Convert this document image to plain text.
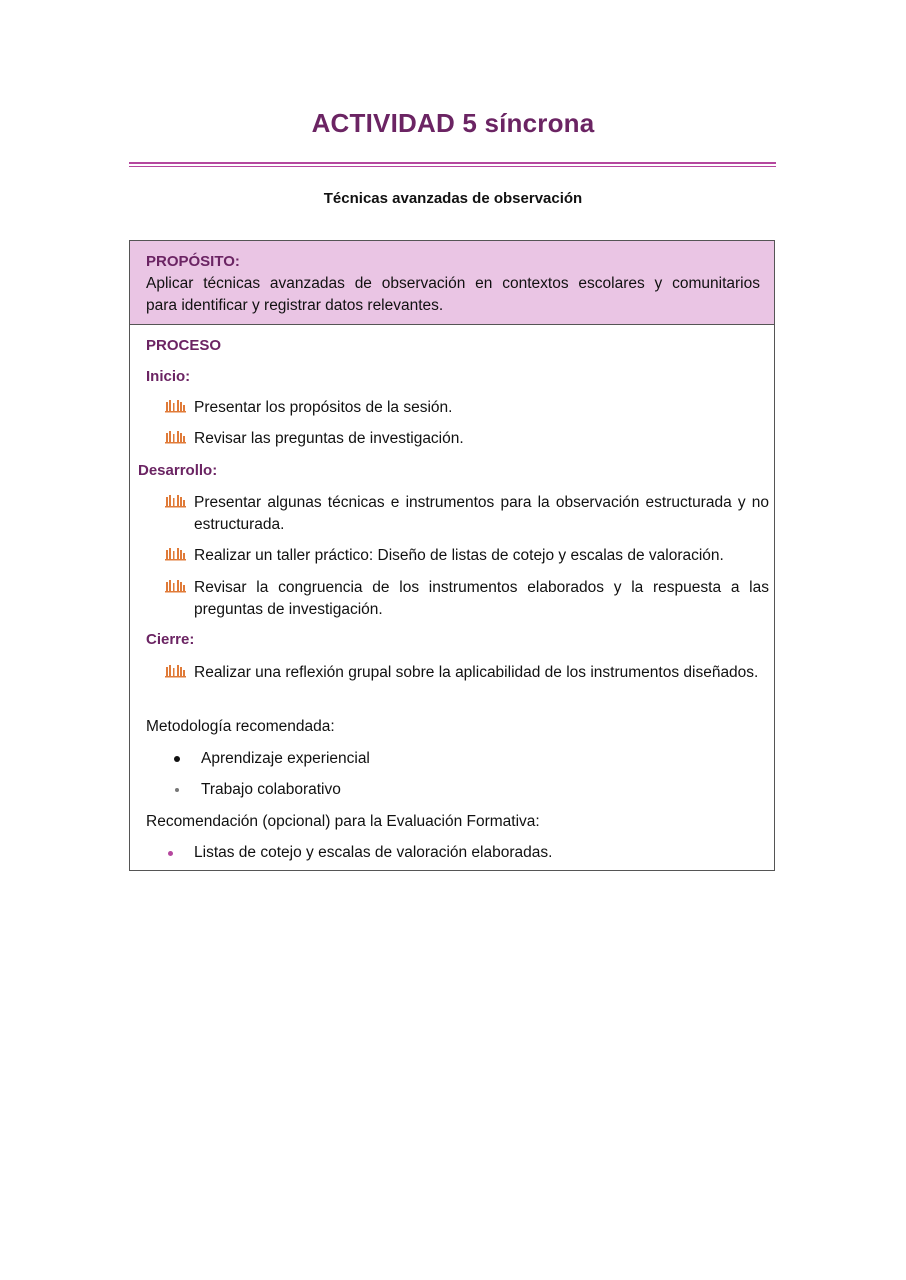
ACTIVIDAD 5 síncrona
Técnicas avanzadas de observación
PROPÓSITO:
Aplicar técnicas avanzadas de observación en contextos escolares y comunitarios
para identificar y registrar datos relevantes.
PROCESO
Inicio:
Presentar los propósitos de la sesión.
Revisar las preguntas de investigación.
Desarrollo:
Presentar algunas técnicas e instrumentos para la observación estructurada y no estructurada.
Realizar un taller práctico: Diseño de listas de cotejo y escalas de valoración.
Revisar la congruencia de los instrumentos elaborados y la respuesta a las preguntas de investigación.
Cierre:
Realizar una reflexión grupal sobre la aplicabilidad de los instrumentos diseñados.
Metodología recomendada:
Aprendizaje experiencial
Trabajo colaborativo
Recomendación (opcional) para la Evaluación Formativa:
Listas de cotejo y escalas de valoración elaboradas.
